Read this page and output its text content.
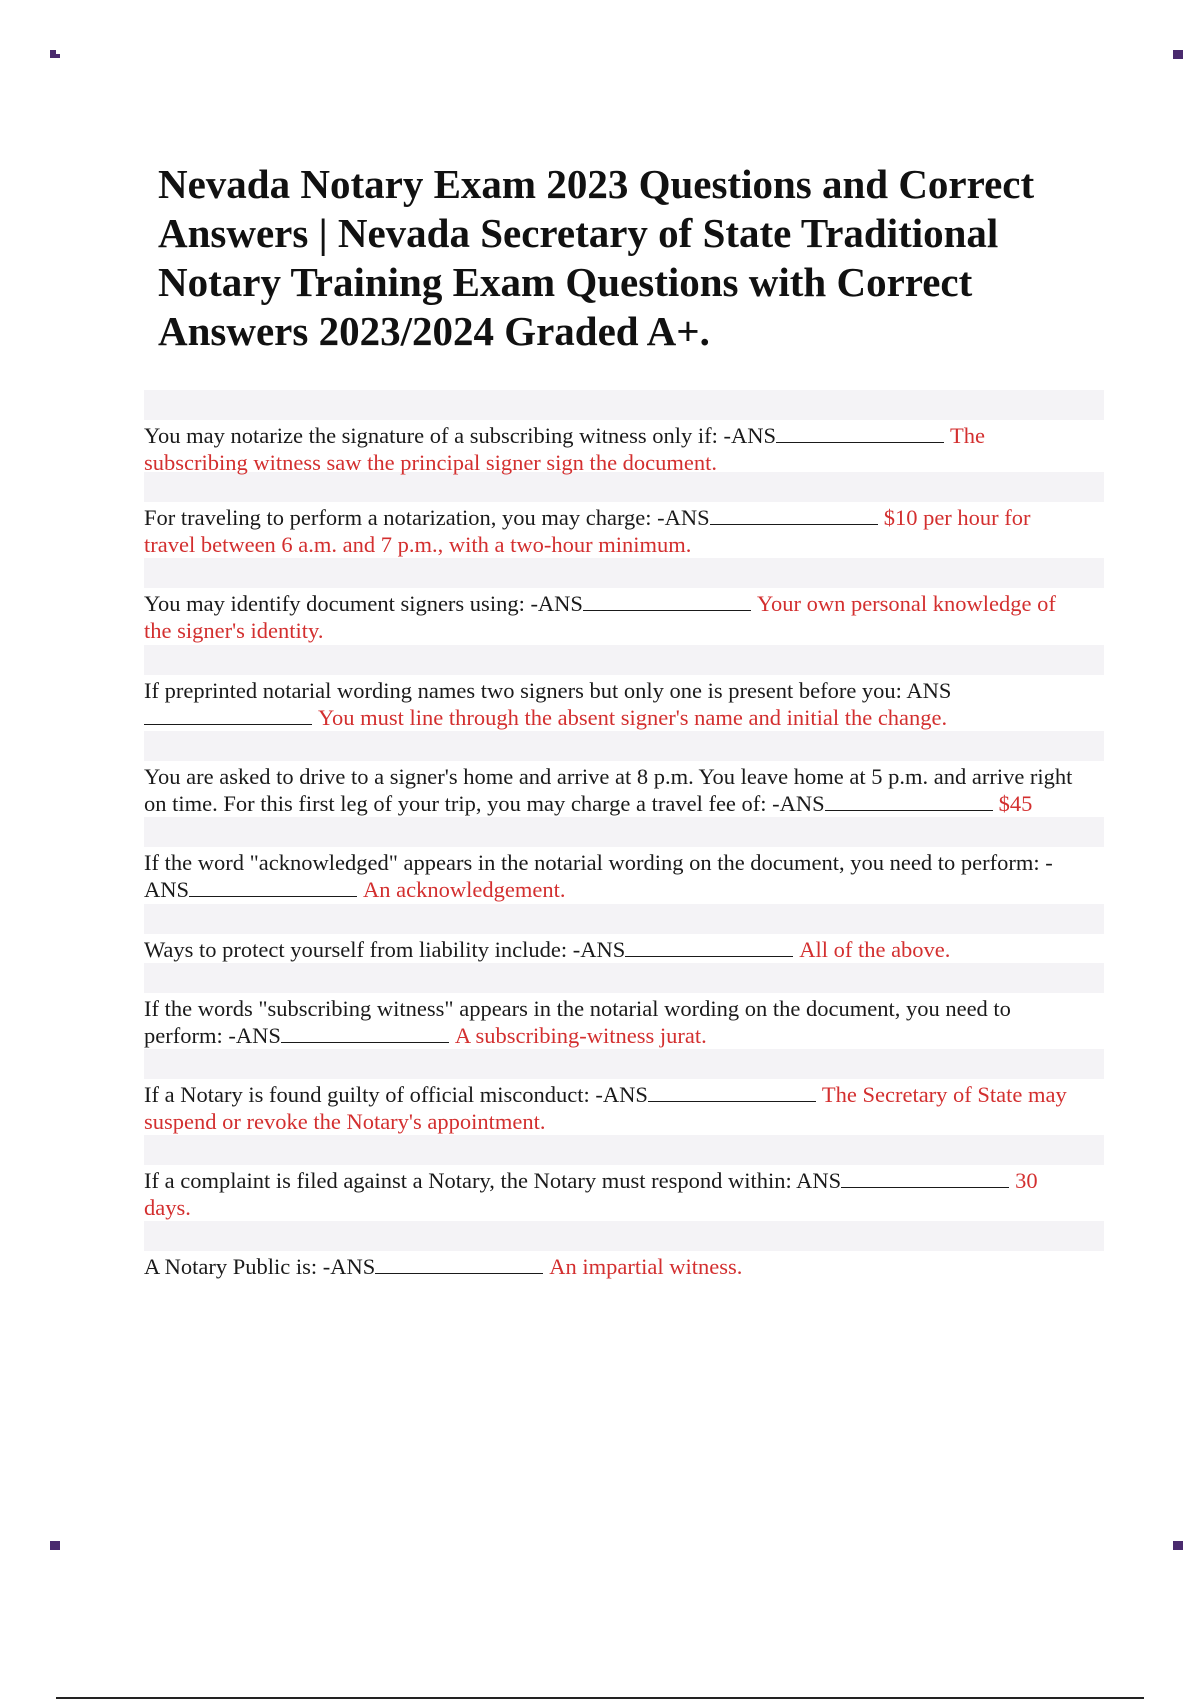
Nevada Notary Exam 2023 Questions and Correct Answers | Nevada Secretary of State Traditional Notary Training Exam Questions with Correct Answers 2023/2024 Graded A+.
You may notarize the signature of a subscribing witness only if: -ANS	The subscribing witness saw the principal signer sign the document.
For traveling to perform a notarization, you may charge: -ANS	$10 per hour for travel between 6 a.m. and 7 p.m., with a two-hour minimum.
You may identify document signers using: -ANS	Your own personal knowledge of the signer's identity.
If preprinted notarial wording names two signers but only one is present before you: ANSYou must line through the absent signer's name and initial the change.
You are asked to drive to a signer's home and arrive at 8 p.m. You leave home at 5 p.m. and arrive right on time. For this first leg of your trip, you may charge a travel fee of: -ANS	$45
If the word "acknowledged" appears in the notarial wording on the document, you need to perform: -ANS	An acknowledgement.
Ways to protect yourself from liability include: -ANS	All of the above.
If the words "subscribing witness" appears in the notarial wording on the document, you need to perform: -ANS	A subscribing-witness jurat.
If a Notary is found guilty of official misconduct: -ANS	The Secretary of State may suspend or revoke the Notary's appointment.
If a complaint is filed against a Notary, the Notary must respond within: ANS	30 days.
A Notary Public is: -ANS	An impartial witness.
